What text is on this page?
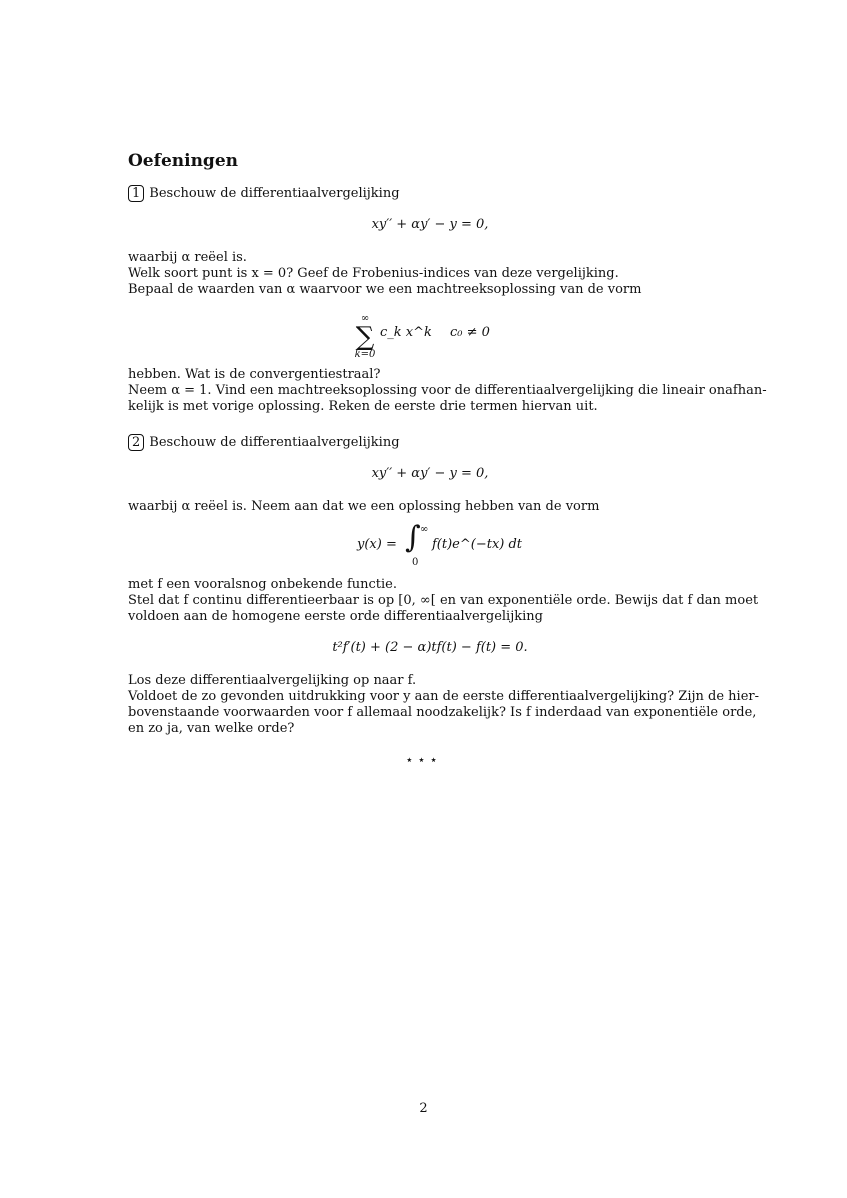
Oefeningen
1 Beschouw de differentiaalvergelijking
xy′′ + αy′ − y = 0,
waarbij α reëel is.
Welk soort punt is x = 0? Geef de Frobenius-indices van deze vergelijking.
Bepaal de waarden van α waarvoor we een machtreeksoplossing van de vorm
∞
∑
k=0
c_k x^k c₀ ≠ 0
hebben. Wat is de convergentiestraal?
Neem α = 1. Vind een machtreeksoplossing voor de differentiaalvergelijking die lineair onafhan-
kelijk is met vorige oplossing. Reken de eerste drie termen hiervan uit.
2 Beschouw de differentiaalvergelijking
xy′′ + αy′ − y = 0,
waarbij α reëel is. Neem aan dat we een oplossing hebben van de vorm
y(x) = ∫ ∞
0
f(t)e^(−tx) dt
met f een vooralsnog onbekende functie.
Stel dat f continu differentieerbaar is op [0, ∞[ en van exponentiële orde. Bewijs dat f dan moet
voldoen aan de homogene eerste orde differentiaalvergelijking
t²f′(t) + (2 − α)tf(t) − f(t) = 0.
Los deze differentiaalvergelijking op naar f.
Voldoet de zo gevonden uitdrukking voor y aan de eerste differentiaalvergelijking? Zijn de hier-
bovenstaande voorwaarden voor f allemaal noodzakelijk? Is f inderdaad van exponentiële orde,
en zo ja, van welke orde?
⋆⋆⋆
2
